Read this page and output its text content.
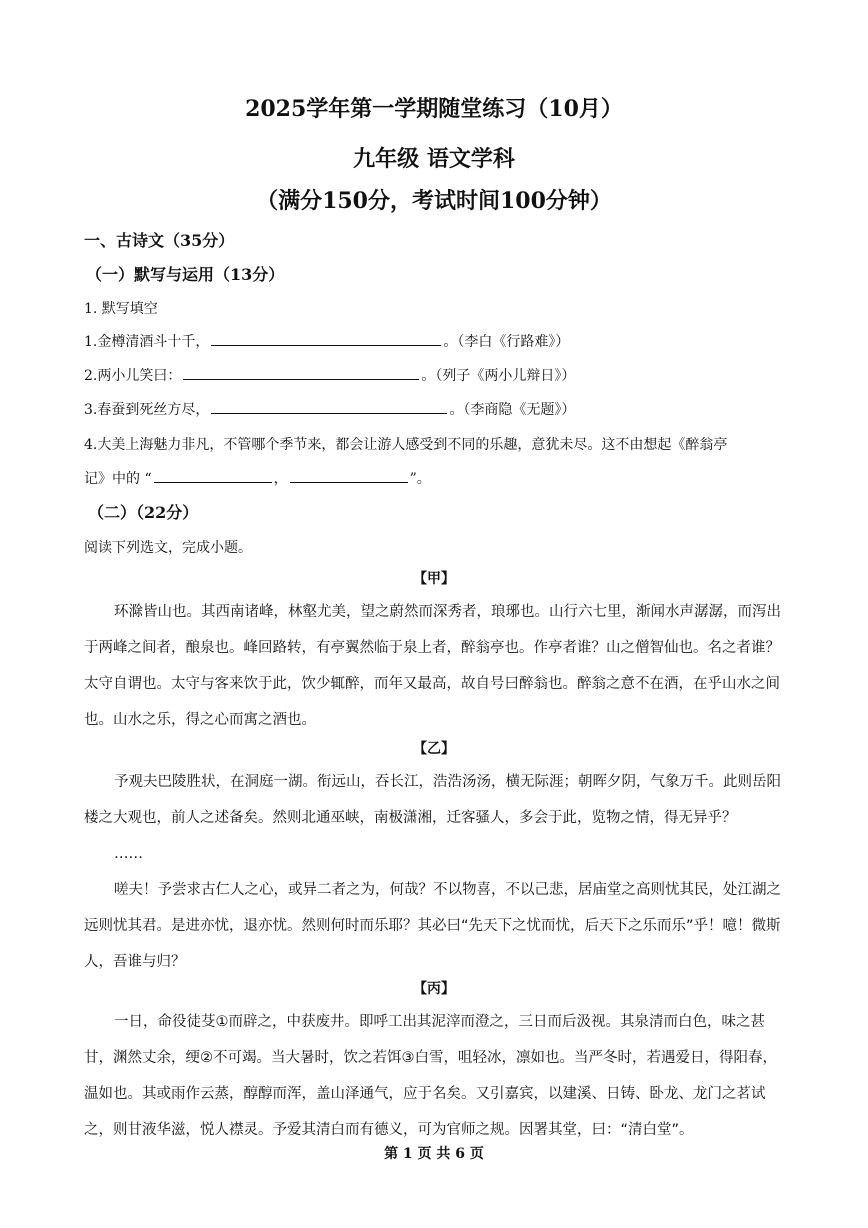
2025学年第一学期随堂练习（10月）
九年级 语文学科
（满分150分，考试时间100分钟）
一、古诗文（35分）
（一）默写与运用（13分）
1. 默写填空
1.金樽清酒斗十千，	。（李白《行路难》）
2.两小儿笑曰：	。（列子《两小儿辩日》）
3.春蚕到死丝方尽，	。（李商隐《无题》）
4.大美上海魅力非凡，不管哪个季节来，都会让游人感受到不同的乐趣，意犹未尽。这不由想起《醉翁亭
记》中的 “	，	”。
（二）（22分）
阅读下列选文，完成小题。
【甲】
环滁皆山也。其西南诸峰，林壑尤美，望之蔚然而深秀者，琅琊也。山行六七里，渐闻水声潺潺，而泻出于两峰之间者，酿泉也。峰回路转，有亭翼然临于泉上者，醉翁亭也。作亭者谁？山之僧智仙也。名之者谁？太守自谓也。太守与客来饮于此，饮少辄醉，而年又最高，故自号曰醉翁也。醉翁之意不在酒，在乎山水之间也。山水之乐，得之心而寓之酒也。
【乙】
予观夫巴陵胜状，在洞庭一湖。衔远山，吞长江，浩浩汤汤，横无际涯；朝晖夕阴，气象万千。此则岳阳楼之大观也，前人之述备矣。然则北通巫峡，南极潇湘，迁客骚人，多会于此，览物之情，得无异乎？
……
嗟夫！予尝求古仁人之心，或异二者之为，何哉？不以物喜，不以己悲，居庙堂之高则忧其民，处江湖之远则忧其君。是进亦忧，退亦忧。然则何时而乐耶？其必曰“先天下之忧而忧，后天下之乐而乐”乎！噫！微斯人，吾谁与归？
【丙】
一日，命役徒芟①而辟之，中获废井。即呼工出其泥滓而澄之，三日而后汲视。其泉清而白色，味之甚甘，渊然丈余，绠②不可竭。当大暑时，饮之若饵③白雪，咀轻冰，凛如也。当严冬时，若遇爱日，得阳春，温如也。其或雨作云蒸，醇醇而浑，盖山泽通气，应于名矣。又引嘉宾，以建溪、日铸、卧龙、龙门之茗试之，则甘液华滋，悦人襟灵。予爱其清白而有德义，可为官师之规。因署其堂，曰：“清白堂”。
第 1 页 共 6 页
